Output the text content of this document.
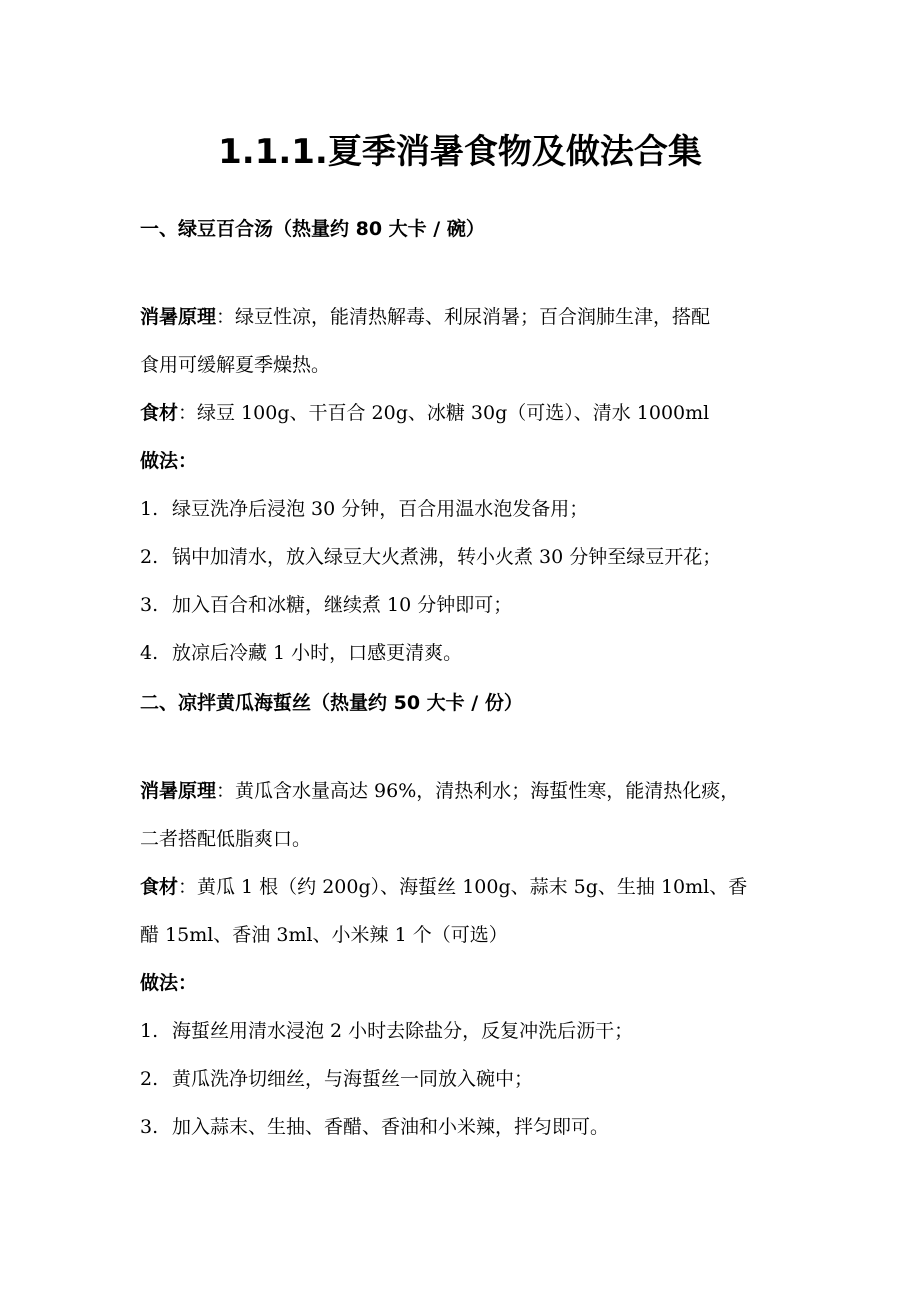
1.1.1.夏季消暑食物及做法合集

一、绿豆百合汤（热量约 80 大卡 / 碗）

消暑原理：绿豆性凉，能清热解毒、利尿消暑；百合润肺生津，搭配

食用可缓解夏季燥热。

食材：绿豆 100g、干百合 20g、冰糖 30g（可选）、清水 1000ml

做法：

1. 绿豆洗净后浸泡 30 分钟，百合用温水泡发备用；

2. 锅中加清水，放入绿豆大火煮沸，转小火煮 30 分钟至绿豆开花；

3. 加入百合和冰糖，继续煮 10 分钟即可；

4. 放凉后冷藏 1 小时，口感更清爽。

二、凉拌黄瓜海蜇丝（热量约 50 大卡 / 份）

消暑原理：黄瓜含水量高达 96%，清热利水；海蜇性寒，能清热化痰，

二者搭配低脂爽口。

食材：黄瓜 1 根（约 200g）、海蜇丝 100g、蒜末 5g、生抽 10ml、香

醋 15ml、香油 3ml、小米辣 1 个（可选）

做法：

1. 海蜇丝用清水浸泡 2 小时去除盐分，反复冲洗后沥干；

2. 黄瓜洗净切细丝，与海蜇丝一同放入碗中；

3. 加入蒜末、生抽、香醋、香油和小米辣，拌匀即可。
